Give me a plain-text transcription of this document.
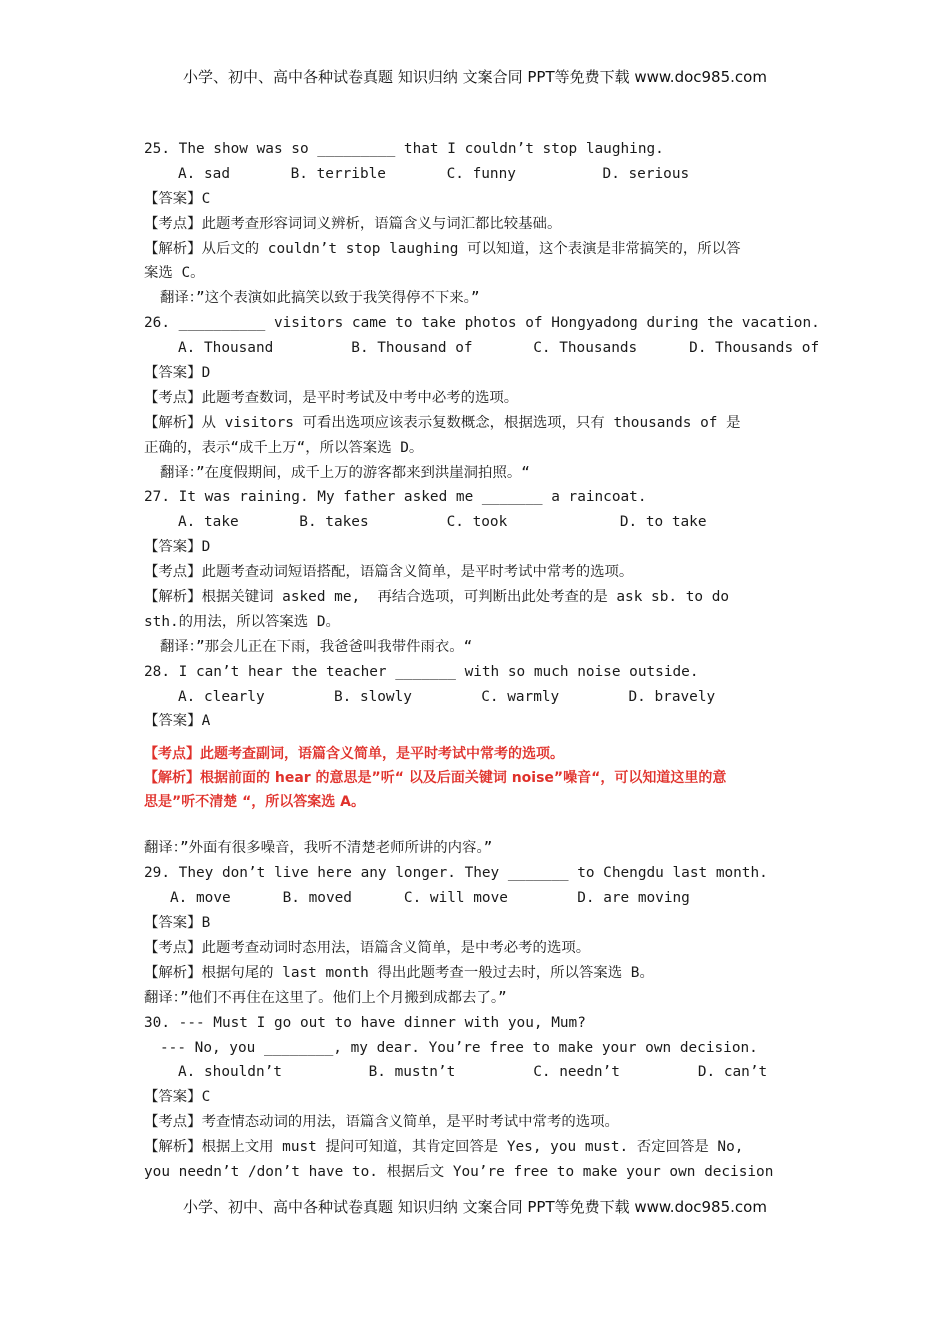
小学、初中、高中各种试卷真题 知识归纳 文案合同 PPT等免费下载 www.doc985.com
25. The show was so _________ that I couldn’t stop laughing.
A. sad       B. terrible       C. funny          D. serious
【答案】C
【考点】此题考查形容词词义辨析，语篇含义与词汇都比较基础。
【解析】从后文的 couldn’t stop laughing 可以知道，这个表演是非常搞笑的，所以答
案选 C。
翻译：”这个表演如此搞笑以致于我笑得停不下来。”
26. __________ visitors came to take photos of Hongyadong during the vacation.
A. Thousand         B. Thousand of       C. Thousands      D. Thousands of
【答案】D
【考点】此题考查数词，是平时考试及中考中必考的选项。
【解析】从 visitors 可看出选项应该表示复数概念，根据选项，只有 thousands of 是
正确的，表示“成千上万“，所以答案选 D。
翻译：”在度假期间，成千上万的游客都来到洪崖洞拍照。“
27. It was raining. My father asked me _______ a raincoat.
A. take       B. takes         C. took             D. to take
【答案】D
【考点】此题考查动词短语搭配，语篇含义简单，是平时考试中常考的选项。
【解析】根据关键词 asked me,  再结合选项，可判断出此处考查的是 ask sb. to do
sth.的用法，所以答案选 D。
翻译：”那会儿正在下雨，我爸爸叫我带件雨衣。“
28. I can’t hear the teacher _______ with so much noise outside.
A. clearly        B. slowly        C. warmly        D. bravely
【答案】A
【考点】此题考查副词，语篇含义简单，是平时考试中常考的选项。
【解析】根据前面的 hear 的意思是”听“ 以及后面关键词 noise”噪音“，可以知道这里的意
思是”听不清楚 “，所以答案选 A。
翻译：”外面有很多噪音，我听不清楚老师所讲的内容。”
29. They don’t live here any longer. They _______ to Chengdu last month.
A. move      B. moved      C. will move        D. are moving
【答案】B
【考点】此题考查动词时态用法，语篇含义简单，是中考必考的选项。
【解析】根据句尾的 last month 得出此题考查一般过去时，所以答案选 B。
翻译：”他们不再住在这里了。他们上个月搬到成都去了。”
30. --- Must I go out to have dinner with you, Mum?
--- No, you ________, my dear. You’re free to make your own decision.
A. shouldn’t          B. mustn’t         C. needn’t         D. can’t
【答案】C
【考点】考查情态动词的用法，语篇含义简单，是平时考试中常考的选项。
【解析】根据上文用 must 提问可知道，其肯定回答是 Yes, you must. 否定回答是 No,
you needn’t /don’t have to. 根据后文 You’re free to make your own decision
小学、初中、高中各种试卷真题 知识归纳 文案合同 PPT等免费下载 www.doc985.com
